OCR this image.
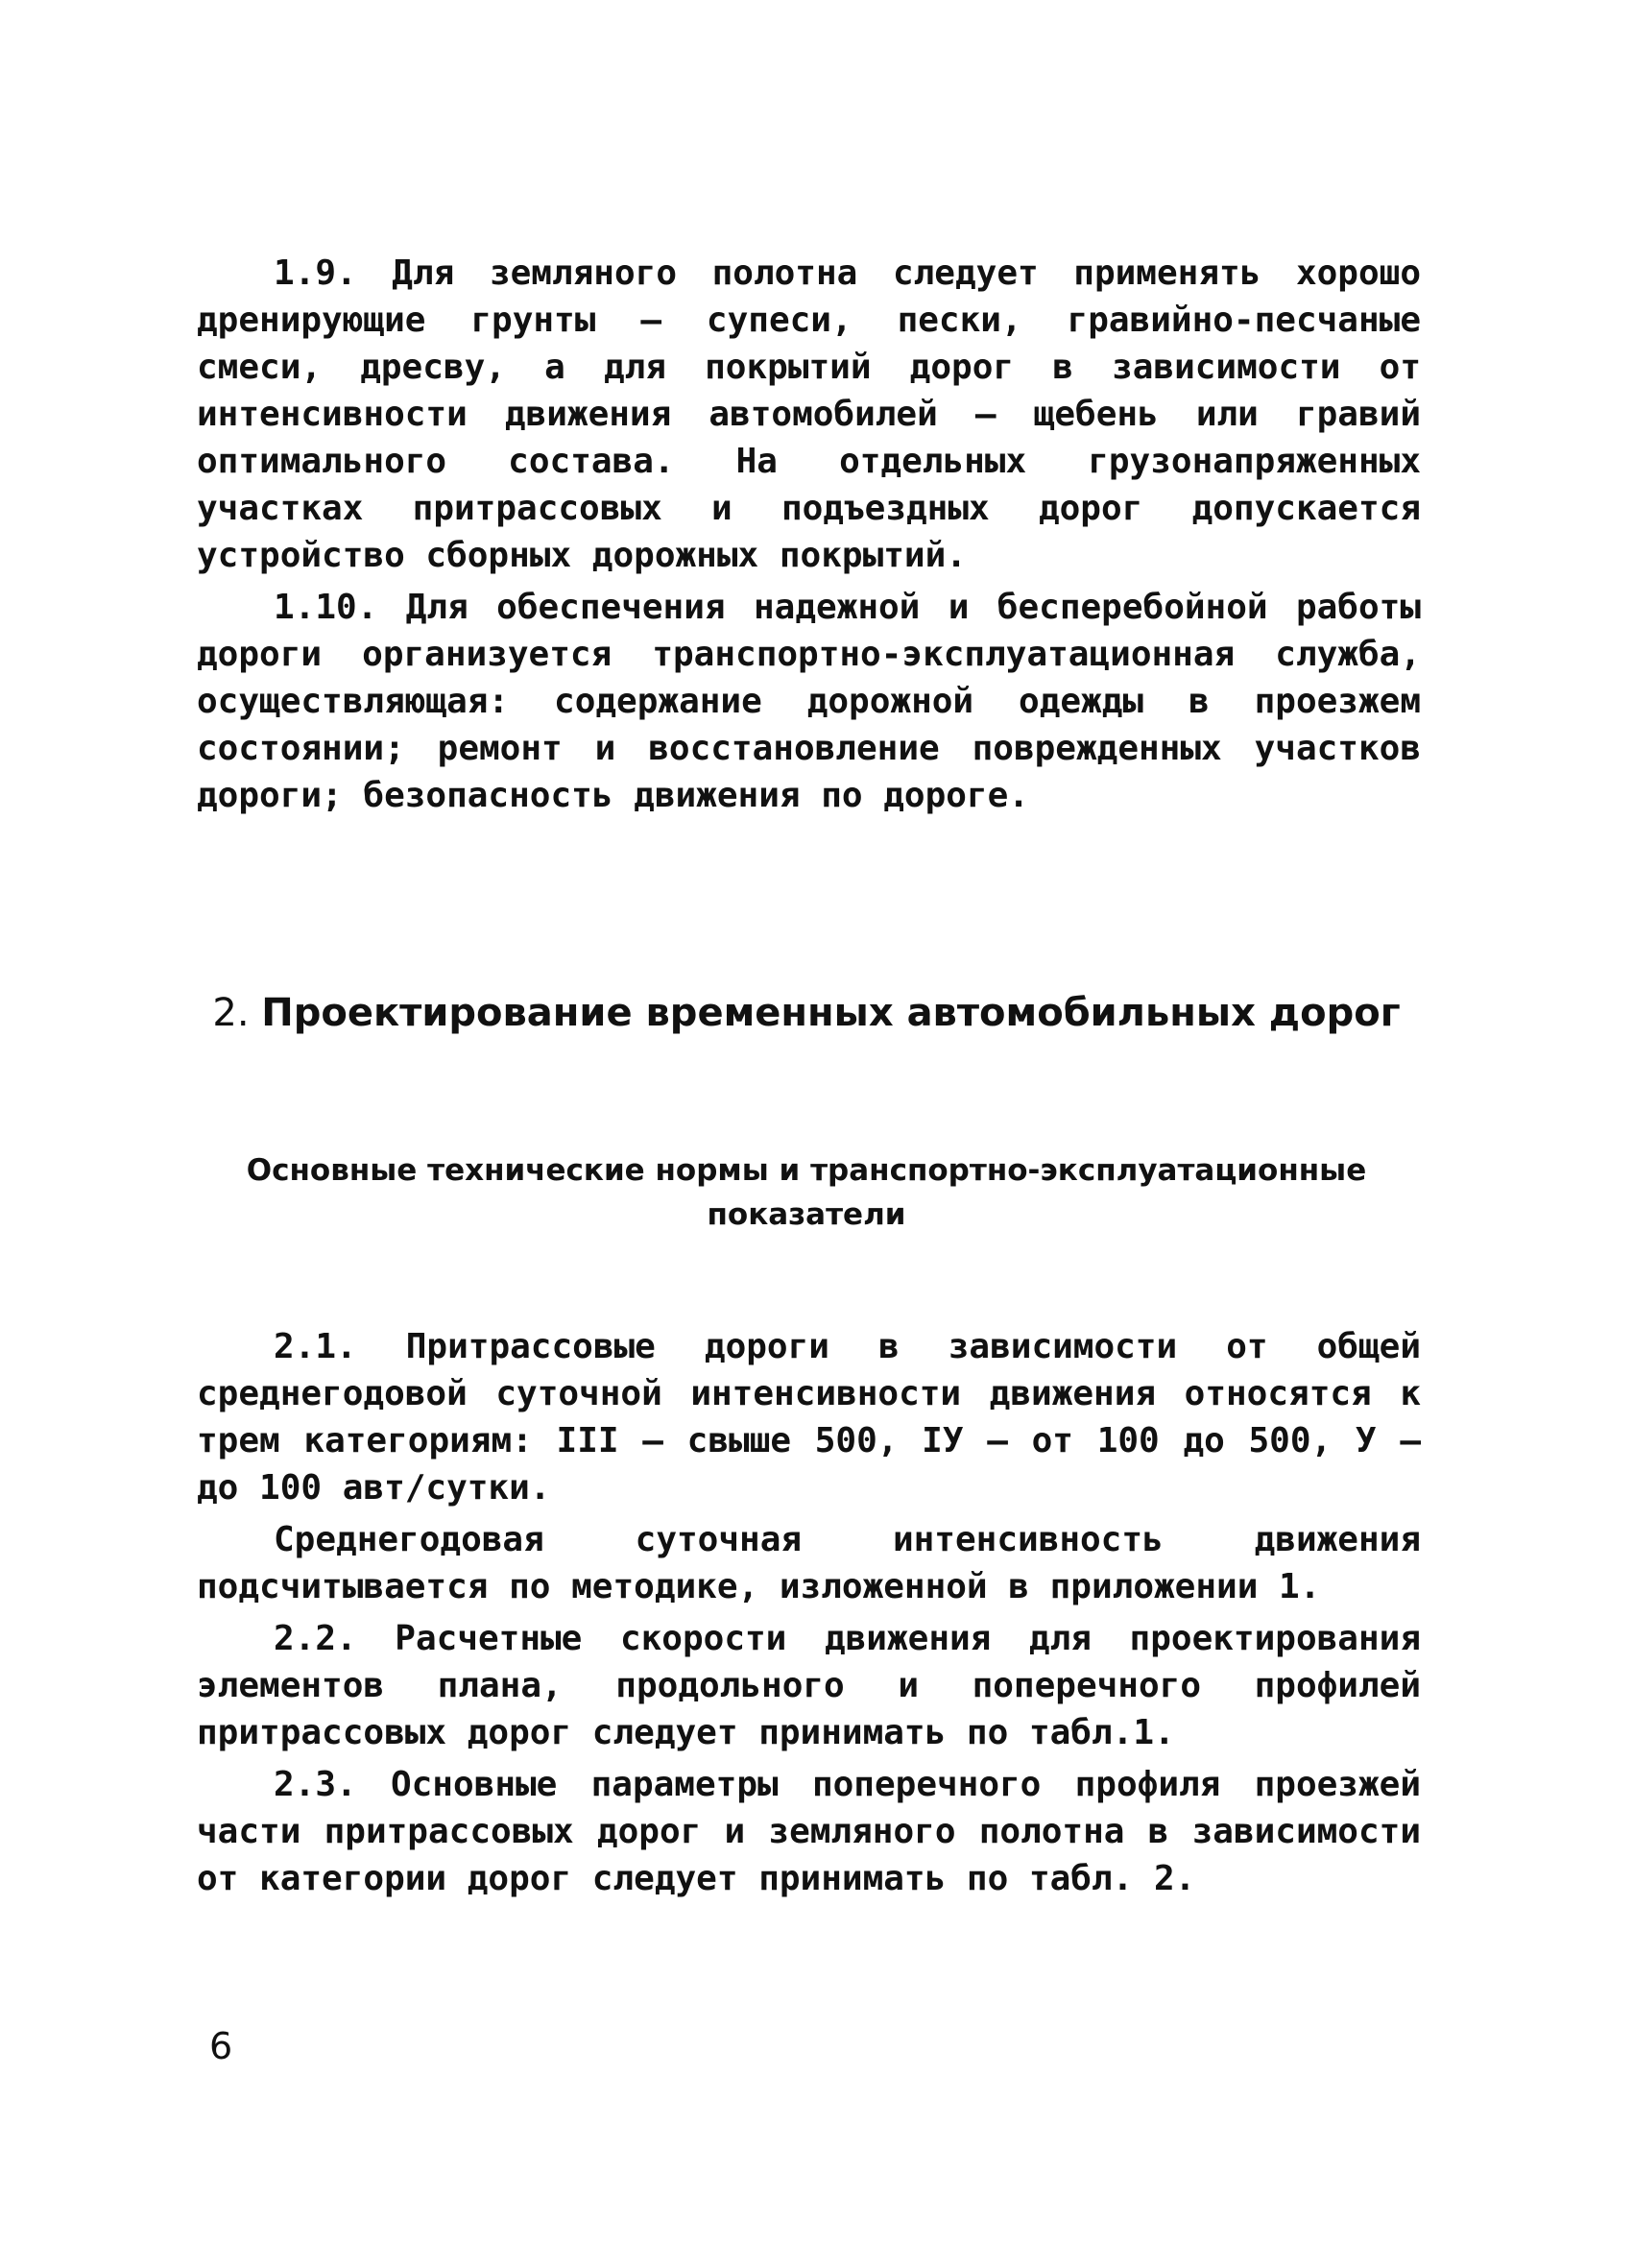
1.9. Для земляного полотна следует применять хорошо дренирующие грунты – супеси, пески, гравийно-песчаные смеси, дресву, а для покрытий дорог в зависимости от интенсивности движения автомобилей – щебень или гравий оптимального состава. На отдельных грузонапряженных участках притрассовых и подъездных дорог допускается устройство сборных дорожных покрытий.

1.10. Для обеспечения надежной и бесперебойной работы дороги организуется транспортно-эксплуатационная служба, осуществляющая: содержание дорожной одежды в проезжем состоянии; ремонт и восстановление поврежденных участков дороги; безопасность движения по дороге.

2. Проектирование временных автомобильных дорог
Основные технические нормы и транспортно-эксплуатационные показатели

2.1. Притрассовые дороги в зависимости от общей среднегодовой суточной интенсивности движения относятся к трем категориям: III – свыше 500, IУ – от 100 до 500, У – до 100 авт/сутки.

Среднегодовая суточная интенсивность движения подсчитывается по методике, изложенной в приложении 1.

2.2. Расчетные скорости движения для проектирования элементов плана, продольного и поперечного профилей притрассовых дорог следует принимать по табл.1.

2.3. Основные параметры поперечного профиля проезжей части притрассовых дорог и земляного полотна в зависимости от категории дорог следует принимать по табл. 2.

6
